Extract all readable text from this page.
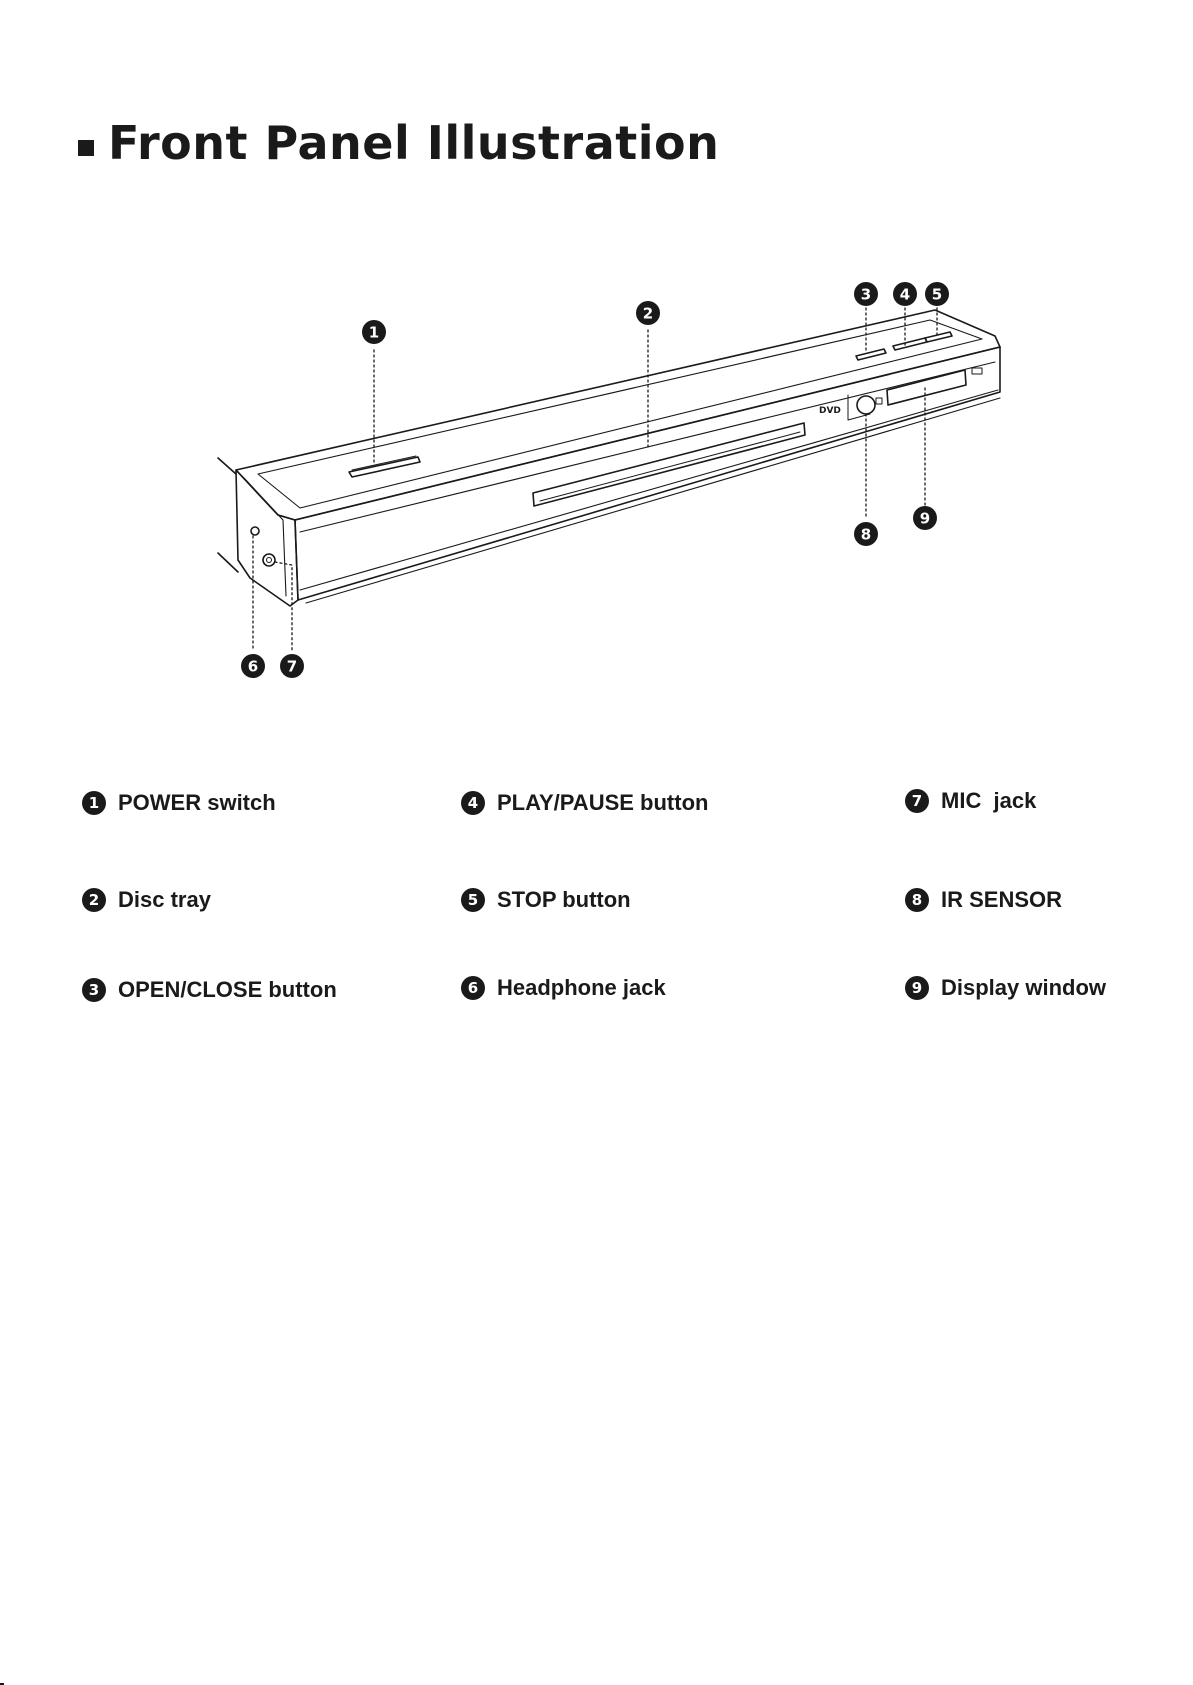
Front Panel Illustration
DVD
1
2
3 4 5
6 7
8
9
1 POWER switch
2 Disc tray
3 OPEN/CLOSE button
4 PLAY/PAUSE button
5 STOP button
6 Headphone jack
7 MIC  jack
8 IR SENSOR
9 Display window
